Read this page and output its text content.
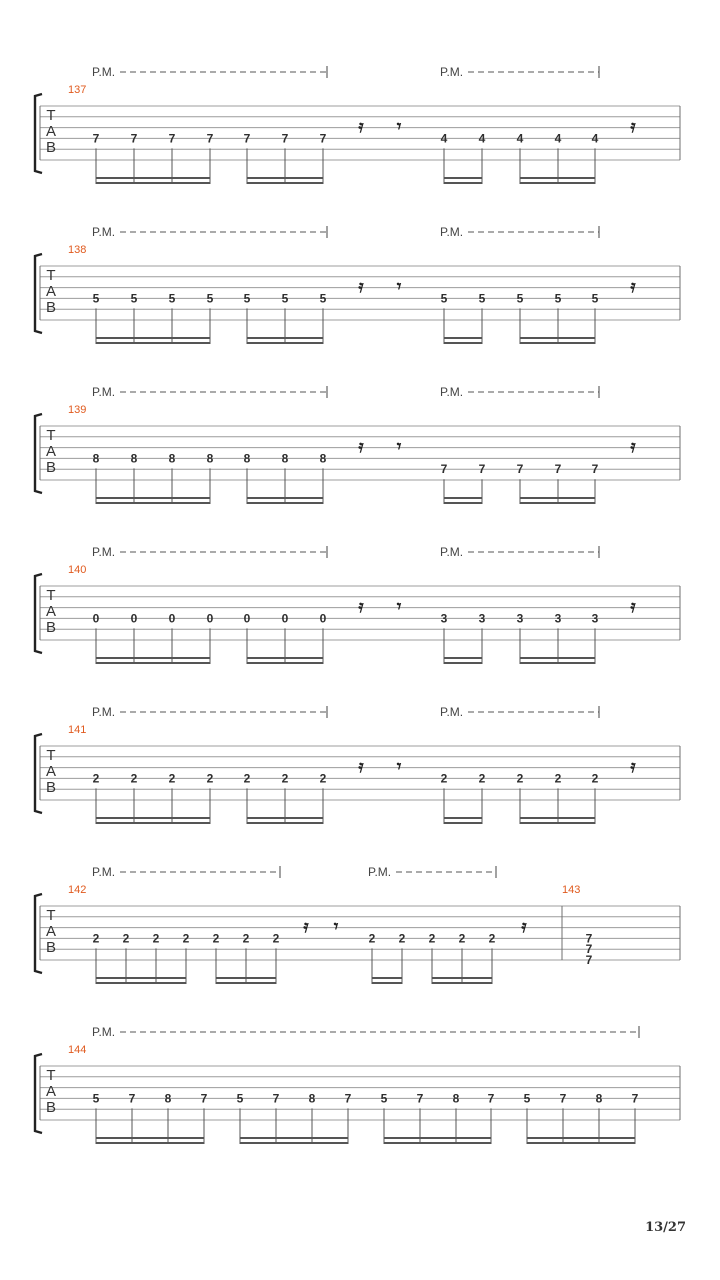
T
A
B
137
P.M.	P.M.
7	7	7	7	7	7	7
𝄿 𝄾
4	4	4	4	4
𝄿
T
A
B
138
P.M.	P.M.
5	5	5	5	5	5	5
𝄿 𝄾
5	5	5	5	5
𝄿
T
A
B
139
P.M.	P.M.
8	8	8	8	8	8	8
𝄿 𝄾
7	7	7	7	7
𝄿
T
A
B
140
P.M.	P.M.
0	0	0	0	0	0	0
𝄿 𝄾
3	3	3	3	3
𝄿
T
A
B
141
P.M.	P.M.
2	2	2	2	2	2	2
𝄿 𝄾
2	2	2	2	2
𝄿
T
A
B
142
P.M.	P.M.
2 2 2 2 2 2 2
𝄿 𝄾
2 2 2 2 2
𝄿
143
7
7
7
T
A
B
144
P.M.
5 7 8 7 5 7 8 7 5 7 8 7 5 7 8 7
13/27
